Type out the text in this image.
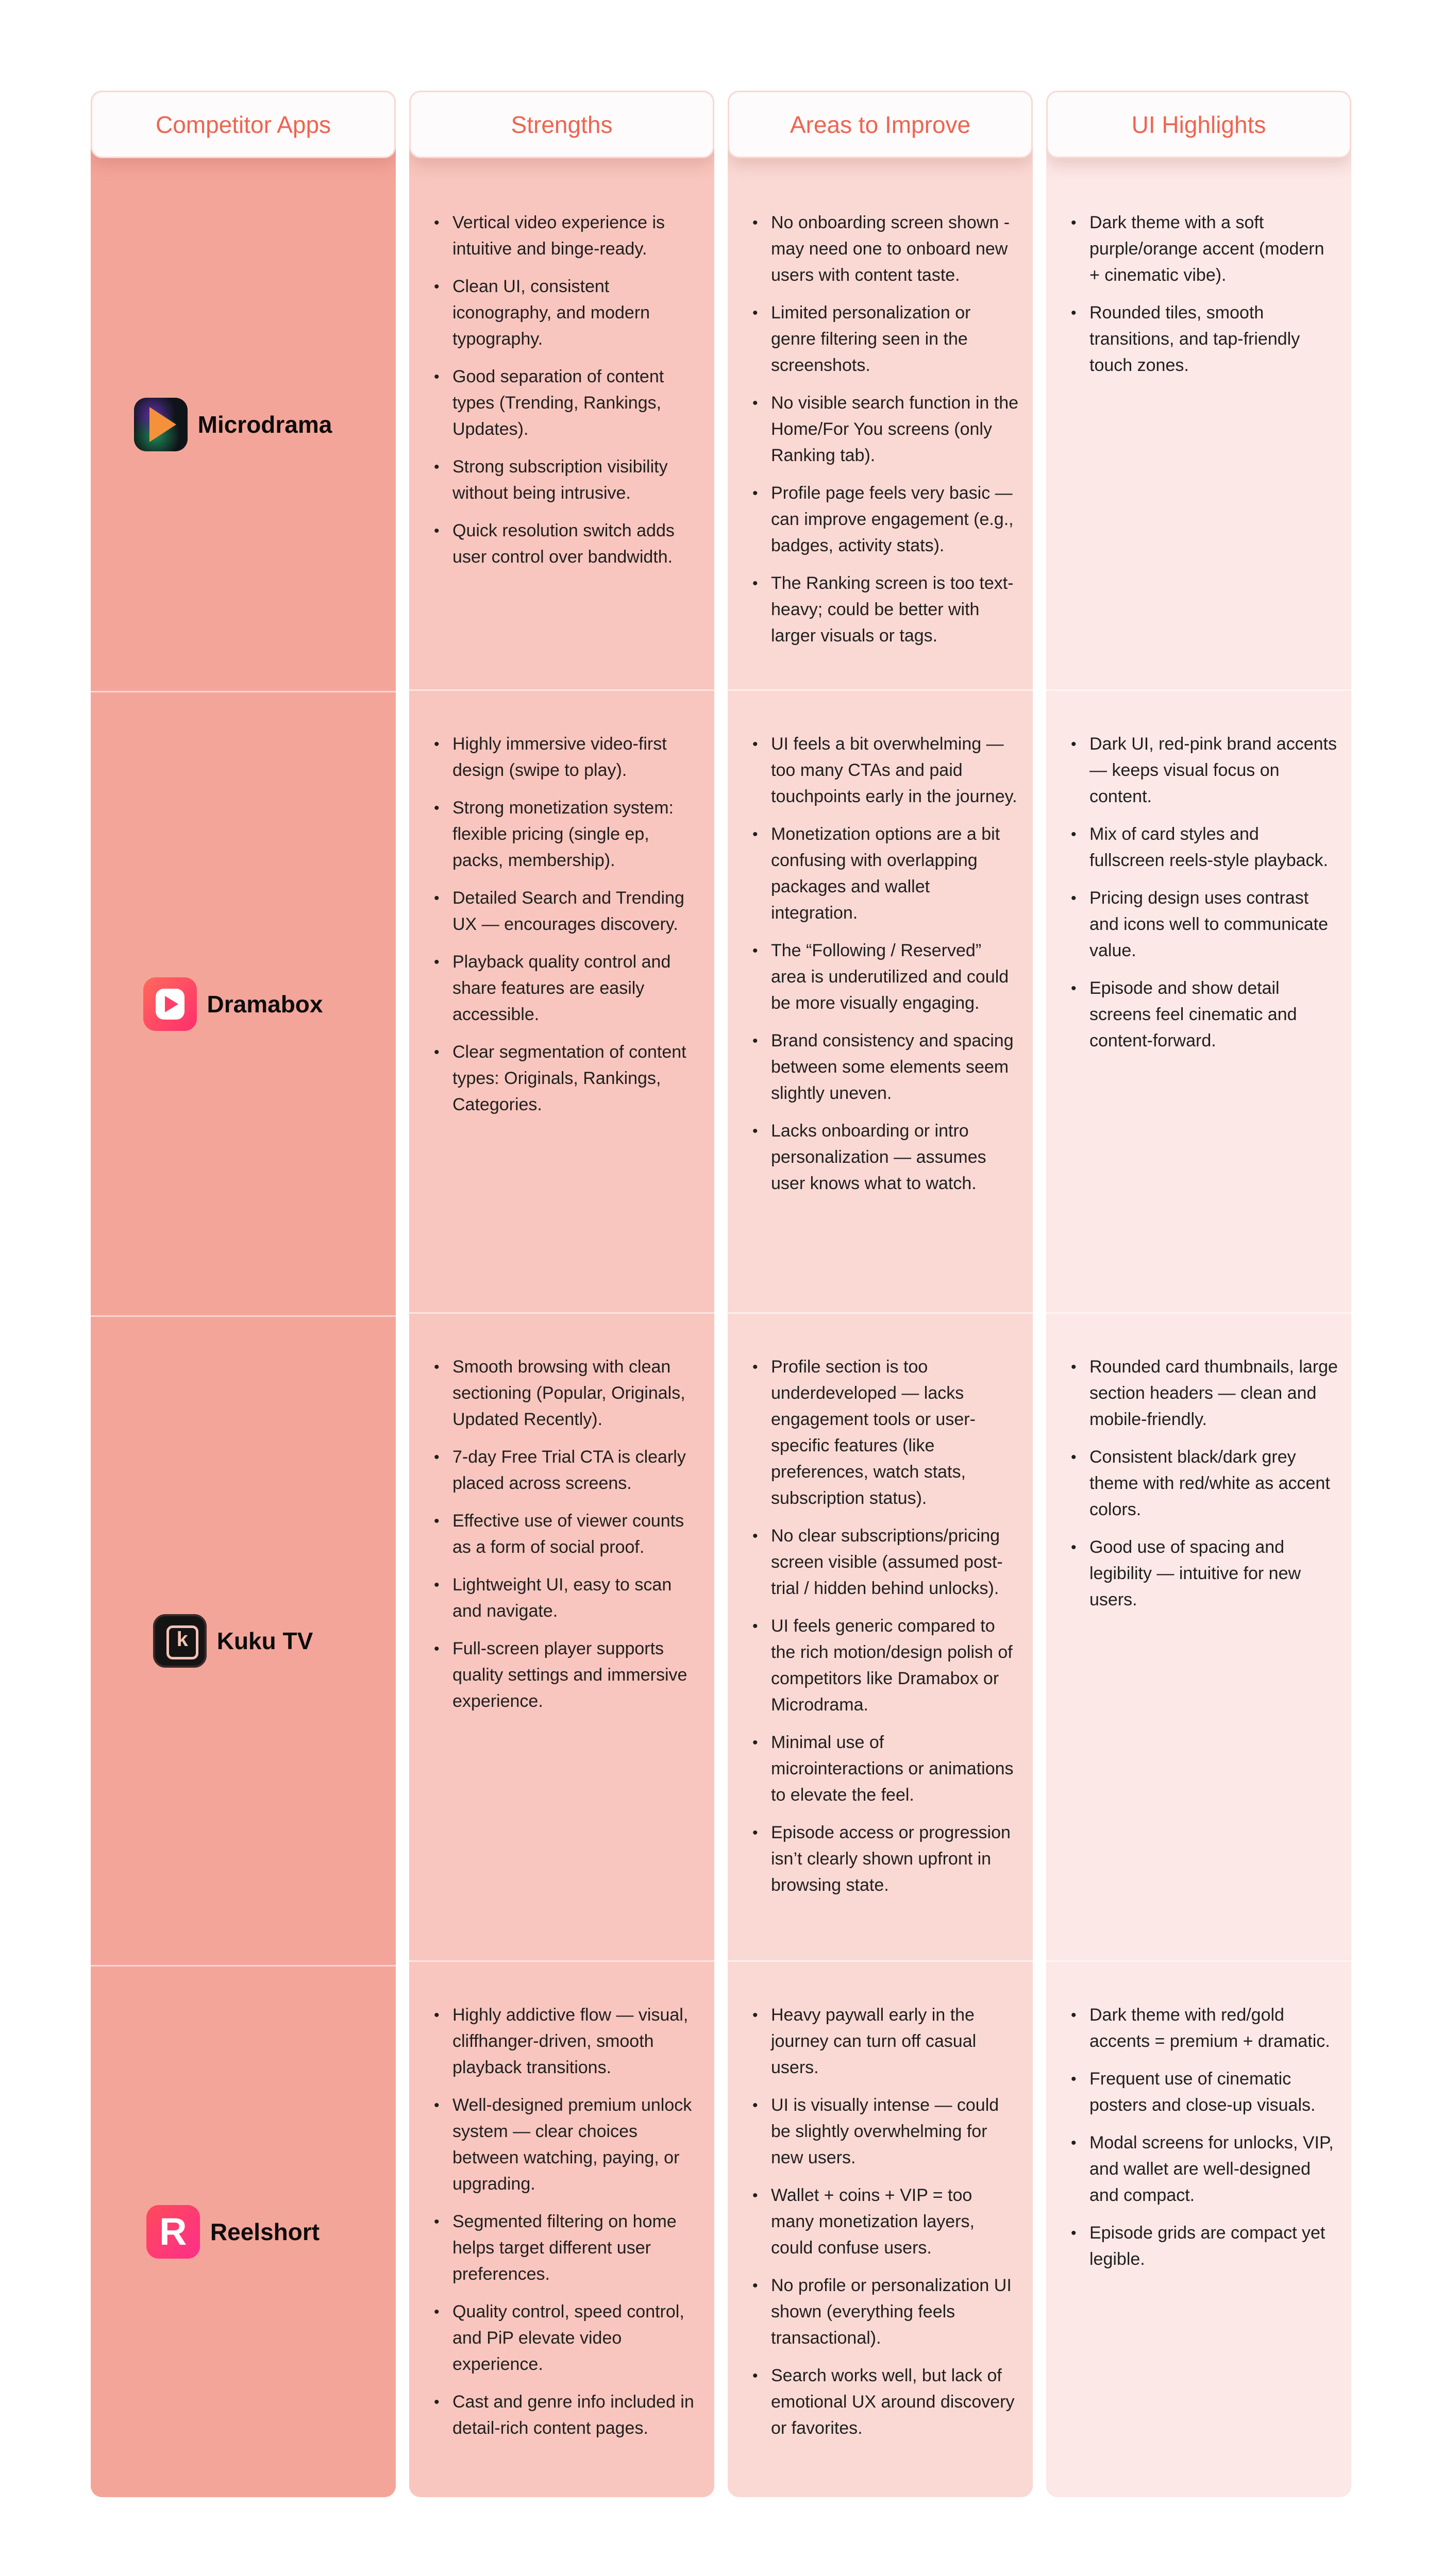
Competitor Apps
Microdrama
Dramabox
k
Kuku TV
R
Reelshort
Strengths
• Vertical video experience is intuitive and binge-ready.
• Clean UI, consistent iconography, and modern typography.
• Good separation of content types (Trending, Rankings, Updates).
• Strong subscription visibility without being intrusive.
• Quick resolution switch adds user control over bandwidth.
• Highly immersive video-first design (swipe to play).
• Strong monetization system: flexible pricing (single ep, packs, membership).
• Detailed Search and Trending UX — encourages discovery.
• Playback quality control and share features are easily accessible.
• Clear segmentation of content types: Originals, Rankings, Categories.
• Smooth browsing with clean sectioning (Popular, Originals, Updated Recently).
• 7-day Free Trial CTA is clearly placed across screens.
• Effective use of viewer counts as a form of social proof.
• Lightweight UI, easy to scan and navigate.
• Full-screen player supports quality settings and immersive experience.
• Highly addictive flow — visual, cliffhanger-driven, smooth playback transitions.
• Well-designed premium unlock system — clear choices between watching, paying, or upgrading.
• Segmented filtering on home helps target different user preferences.
• Quality control, speed control, and PiP elevate video experience.
• Cast and genre info included in detail-rich content pages.
Areas to Improve
• No onboarding screen shown - may need one to onboard new users with content taste.
• Limited personalization or genre filtering seen in the screenshots.
• No visible search function in the Home/For You screens (only Ranking tab).
• Profile page feels very basic — can improve engagement (e.g., badges, activity stats).
• The Ranking screen is too text-heavy; could be better with larger visuals or tags.
• UI feels a bit overwhelming — too many CTAs and paid touchpoints early in the journey.
• Monetization options are a bit confusing with overlapping packages and wallet integration.
• The “Following / Reserved” area is underutilized and could be more visually engaging.
• Brand consistency and spacing between some elements seem slightly uneven.
• Lacks onboarding or intro personalization — assumes user knows what to watch.
• Profile section is too underdeveloped — lacks engagement tools or user-specific features (like preferences, watch stats, subscription status).
• No clear subscriptions/pricing screen visible (assumed post-trial / hidden behind unlocks).
• UI feels generic compared to the rich motion/design polish of competitors like Dramabox or Microdrama.
• Minimal use of microinteractions or animations to elevate the feel.
• Episode access or progression isn’t clearly shown upfront in browsing state.
• Heavy paywall early in the journey can turn off casual users.
• UI is visually intense — could be slightly overwhelming for new users.
• Wallet + coins + VIP = too many monetization layers, could confuse users.
• No profile or personalization UI shown (everything feels transactional).
• Search works well, but lack of emotional UX around discovery or favorites.
UI Highlights
• Dark theme with a soft purple/orange accent (modern + cinematic vibe).
• Rounded tiles, smooth transitions, and tap-friendly touch zones.
• Dark UI, red-pink brand accents — keeps visual focus on content.
• Mix of card styles and fullscreen reels-style playback.
• Pricing design uses contrast and icons well to communicate value.
• Episode and show detail screens feel cinematic and content-forward.
• Rounded card thumbnails, large section headers — clean and mobile-friendly.
• Consistent black/dark grey theme with red/white as accent colors.
• Good use of spacing and legibility — intuitive for new users.
• Dark theme with red/gold accents = premium + dramatic.
• Frequent use of cinematic posters and close-up visuals.
• Modal screens for unlocks, VIP, and wallet are well-designed and compact.
• Episode grids are compact yet legible.
